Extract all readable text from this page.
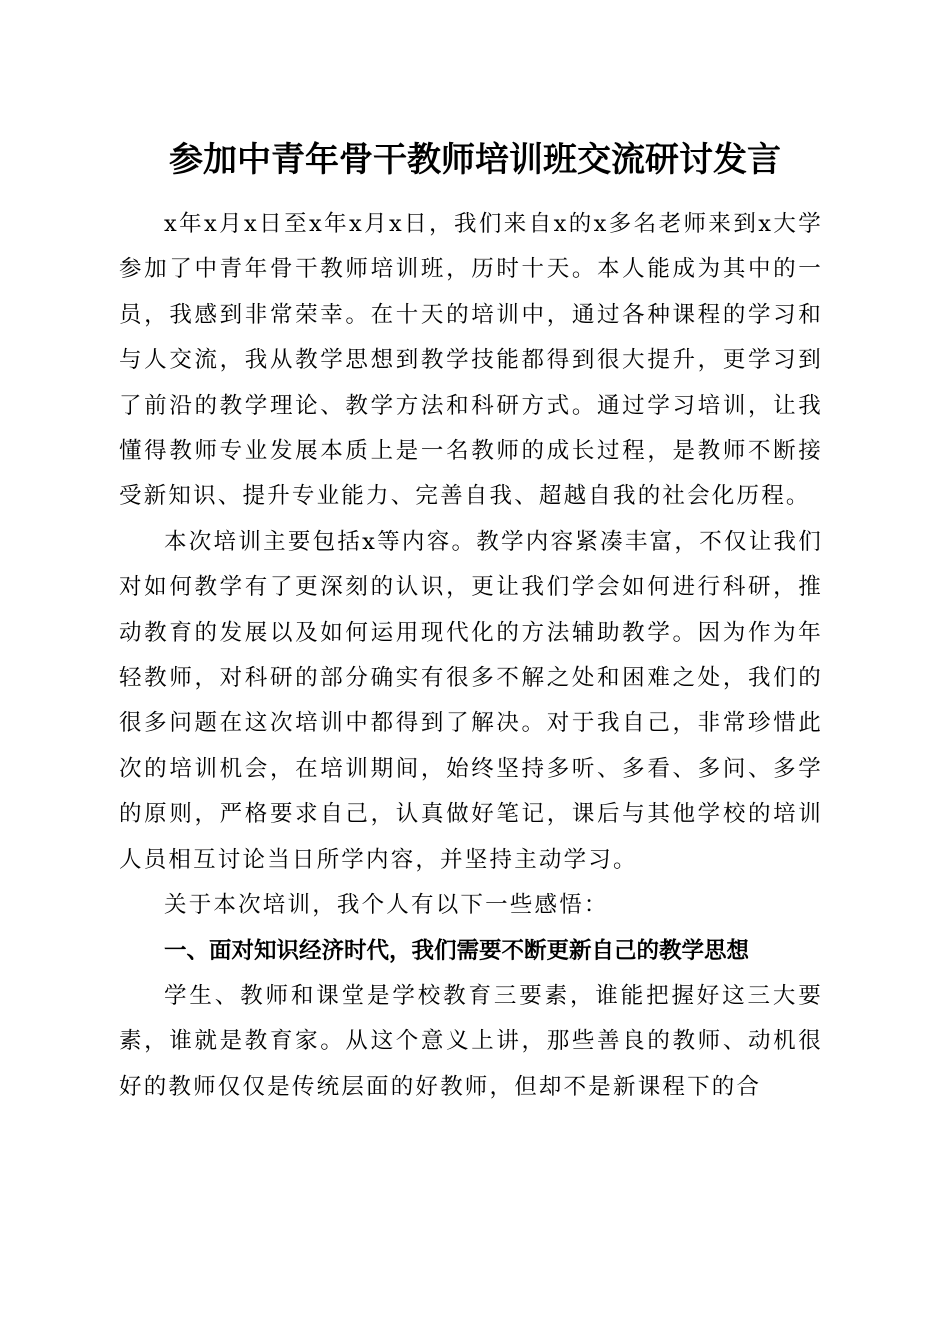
参加中青年骨干教师培训班交流研讨发言

x年x月x日至x年x月x日，我们来自x的x多名老师来到x大学参加了中青年骨干教师培训班，历时十天。本人能成为其中的一员，我感到非常荣幸。在十天的培训中，通过各种课程的学习和与人交流，我从教学思想到教学技能都得到很大提升，更学习到了前沿的教学理论、教学方法和科研方式。通过学习培训，让我懂得教师专业发展本质上是一名教师的成长过程，是教师不断接受新知识、提升专业能力、完善自我、超越自我的社会化历程。

本次培训主要包括x等内容。教学内容紧凑丰富，不仅让我们对如何教学有了更深刻的认识，更让我们学会如何进行科研，推动教育的发展以及如何运用现代化的方法辅助教学。因为作为年轻教师，对科研的部分确实有很多不解之处和困难之处，我们的很多问题在这次培训中都得到了解决。对于我自己，非常珍惜此次的培训机会，在培训期间，始终坚持多听、多看、多问、多学的原则，严格要求自己，认真做好笔记，课后与其他学校的培训人员相互讨论当日所学内容，并坚持主动学习。

关于本次培训，我个人有以下一些感悟：

一、面对知识经济时代，我们需要不断更新自己的教学思想

学生、教师和课堂是学校教育三要素，谁能把握好这三大要素，谁就是教育家。从这个意义上讲，那些善良的教师、动机很好的教师仅仅是传统层面的好教师，但却不是新课程下的合
